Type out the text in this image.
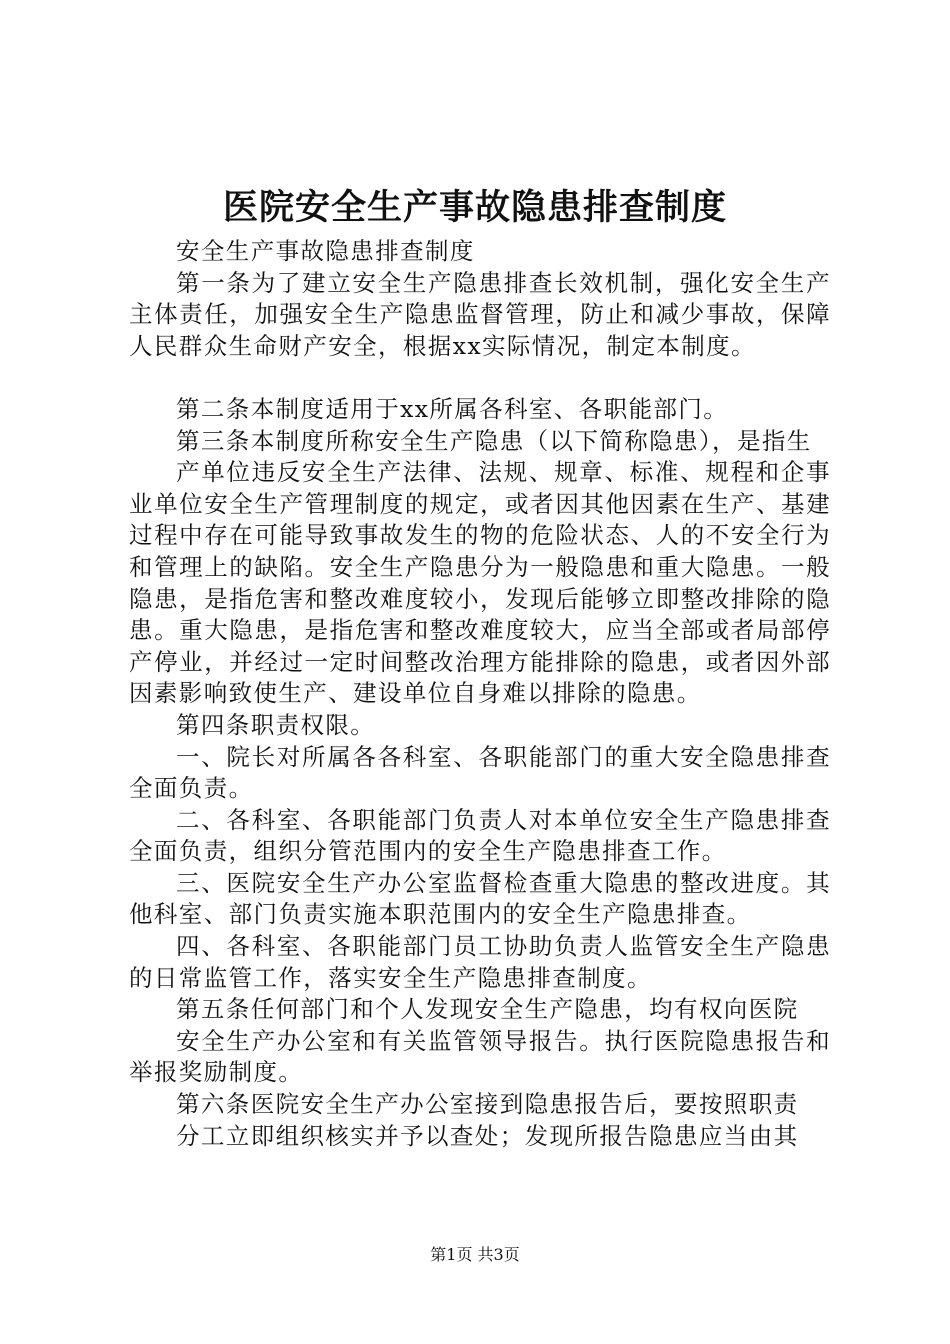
医院安全生产事故隐患排查制度

安全生产事故隐患排查制度

第一条为了建立安全生产隐患排查长效机制，强化安全生产主体责任，加强安全生产隐患监督管理，防止和减少事故，保障人民群众生命财产安全，根据xx实际情况，制定本制度。

第二条本制度适用于xx所属各科室、各职能部门。

第三条本制度所称安全生产隐患（以下简称隐患），是指生

产单位违反安全生产法律、法规、规章、标准、规程和企事业单位安全生产管理制度的规定，或者因其他因素在生产、基建过程中存在可能导致事故发生的物的危险状态、人的不安全行为和管理上的缺陷。安全生产隐患分为一般隐患和重大隐患。一般隐患，是指危害和整改难度较小，发现后能够立即整改排除的隐患。重大隐患，是指危害和整改难度较大，应当全部或者局部停产停业，并经过一定时间整改治理方能排除的隐患，或者因外部因素影响致使生产、建设单位自身难以排除的隐患。

第四条职责权限。

一、院长对所属各各科室、各职能部门的重大安全隐患排查全面负责。

二、各科室、各职能部门负责人对本单位安全生产隐患排查全面负责，组织分管范围内的安全生产隐患排查工作。

三、医院安全生产办公室监督检查重大隐患的整改进度。其他科室、部门负责实施本职范围内的安全生产隐患排查。

四、各科室、各职能部门员工协助负责人监管安全生产隐患的日常监管工作，落实安全生产隐患排查制度。

第五条任何部门和个人发现安全生产隐患，均有权向医院

安全生产办公室和有关监管领导报告。执行医院隐患报告和举报奖励制度。

第六条医院安全生产办公室接到隐患报告后，要按照职责

分工立即组织核实并予以查处；发现所报告隐患应当由其

第1页 共3页
